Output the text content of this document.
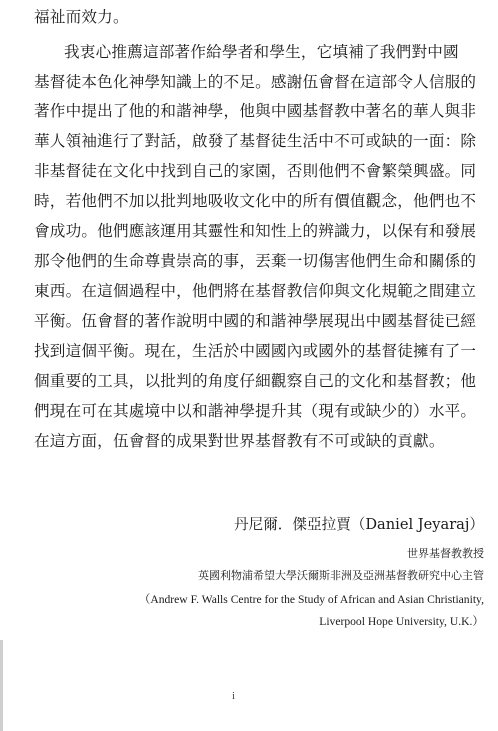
福祉而效力。
我衷心推薦這部著作給學者和學生，它填補了我們對中國
基督徒本色化神學知識上的不足。感謝伍會督在這部令人信服的
著作中提出了他的和諧神學，他與中國基督教中著名的華人與非
華人領袖進行了對話，啟發了基督徒生活中不可或缺的一面：除
非基督徒在文化中找到自己的家園，否則他們不會繁榮興盛。同
時，若他們不加以批判地吸收文化中的所有價值觀念，他們也不
會成功。他們應該運用其靈性和知性上的辨識力，以保有和發展
那令他們的生命尊貴崇高的事，丟棄一切傷害他們生命和關係的
東西。在這個過程中，他們將在基督教信仰與文化規範之間建立
平衡。伍會督的著作說明中國的和諧神學展現出中國基督徒已經
找到這個平衡。現在，生活於中國國內或國外的基督徒擁有了一
個重要的工具，以批判的角度仔細觀察自己的文化和基督教；他
們現在可在其處境中以和諧神學提升其（現有或缺少的）水平。
在這方面，伍會督的成果對世界基督教有不可或缺的貢獻。
丹尼爾．傑亞拉賈（Daniel Jeyaraj）
世界基督教教授
英國利物浦希望大學沃爾斯非洲及亞洲基督教研究中心主管
（Andrew F. Walls Centre for the Study of African and Asian Christianity,
Liverpool Hope University, U.K.）
i
